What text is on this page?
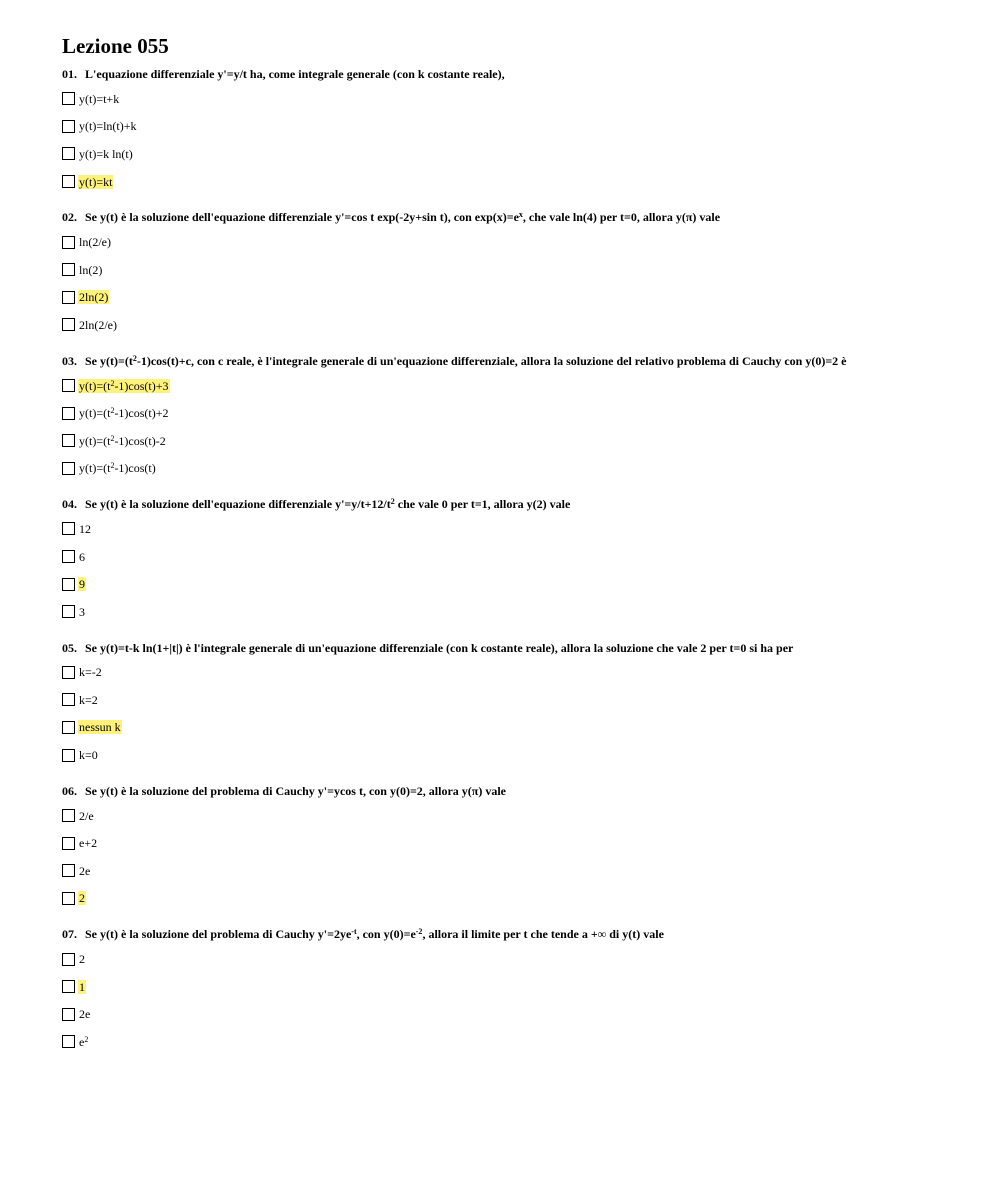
Lezione 055
01. L'equazione differenziale y'=y/t ha, come integrale generale (con k costante reale),
y(t)=t+k
y(t)=ln(t)+k
y(t)=k ln(t)
y(t)=kt
02. Se y(t) è la soluzione dell'equazione differenziale y'=cos t exp(-2y+sin t), con $\exp(x)=e^x$, che vale ln(4) per t=0, allora y(π) vale
ln(2/e)
ln(2)
2ln(2)
2ln(2/e)
03. Se $y(t)=(t^2-1)\cos(t)+c$, con c reale, è l'integrale generale di un'equazione differenziale, allora la soluzione del relativo problema di Cauchy con y(0)=2 è
$y(t)=(t^2-1)\cos(t)+3$
$y(t)=(t^2-1)\cos(t)+2$
$y(t)=(t^2-1)\cos(t)-2$
$y(t)=(t^2-1)\cos(t)$
04. Se y(t) è la soluzione dell'equazione differenziale $y'=y/t+12/t^2$ che vale 0 per t=1, allora y(2) vale
12
6
9
3
05. Se y(t)=t-k ln(1+|t|) è l'integrale generale di un'equazione differenziale (con k costante reale), allora la soluzione che vale 2 per t=0 si ha per
k=-2
k=2
nessun k
k=0
06. Se y(t) è la soluzione del problema di Cauchy y'=ycos t, con y(0)=2, allora y(π) vale
2/e
e+2
2e
2
07. Se y(t) è la soluzione del problema di Cauchy $y'=2ye^{-t}$, con $y(0)=e^{-2}$, allora il limite per t che tende a +∞ di y(t) vale
2
1
2e
$e^2$
